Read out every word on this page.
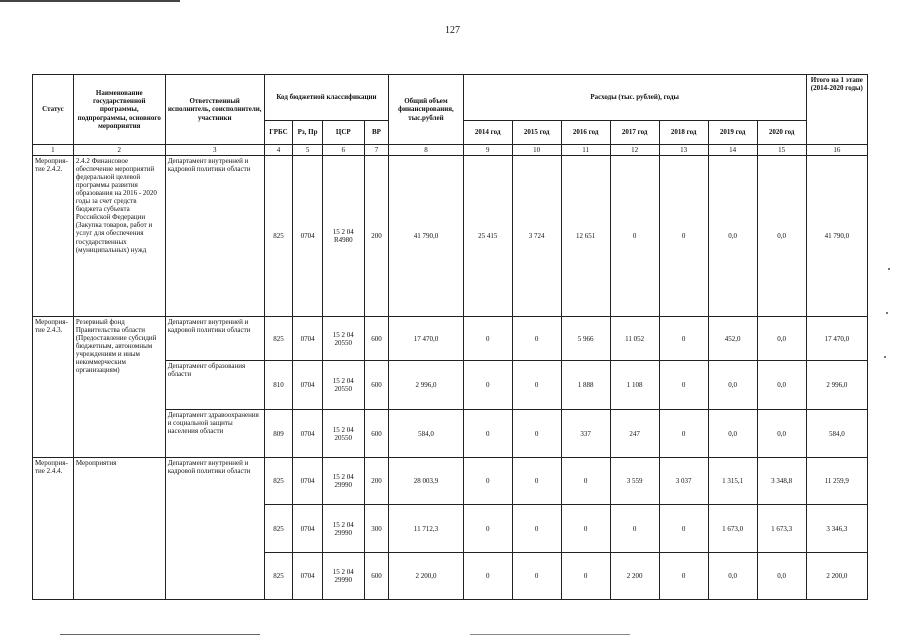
127
Статус	Наименование государственной программы, подпрограммы, основного мероприятия	Ответственный исполнитель, соисполнители, участники	Код бюджетной классификации				Общий объем финансирования, тыс.рублей	Расходы (тыс. рублей), годы							Итого на 1 этапе (2014-2020 годы)
			ГРБС	Рз, Пр	ЦСР	ВР		2014 год	2015 год	2016 год	2017 год	2018 год	2019 год	2020 год	
1	2	3	4	5	6	7	8	9	10	11	12	13	14	15	16
Мероприя-тие 2.4.2.	2.4.2 Финансовое обеспечение мероприятий федеральной целевой программы развития образования на 2016 - 2020 годы за счет средств бюджета субъекта Российской Федерации (Закупка товаров, работ и услуг для обеспечения государственных (муниципальных) нужд	Департамент внутренней и кадровой политики области	825	0704	15 2 04 R4980	200	41 790,0	25 415	3 724	12 651	0	0	0,0	0,0	41 790,0
Мероприя-тие 2.4.3.	Резервный фонд Правительства области (Предоставление субсидий бюджетным, автономным учреждениям и иным некоммерческим организациям)	Департамент внутренней и кадровой политики области	825	0704	15 2 04 20550	600	17 470,0	0	0	5 966	11 052	0	452,0	0,0	17 470,0
		Департамент образования области	810	0704	15 2 04 20550	600	2 996,0	0	0	1 888	1 108	0	0,0	0,0	2 996,0
		Департамент здравоохранения и социальной защиты населения области	809	0704	15 2 04 20550	600	584,0	0	0	337	247	0	0,0	0,0	584,0
Мероприя-тие 2.4.4.	Мероприятия	Департамент внутренней и кадровой политики области	825	0704	15 2 04 29990	200	28 003,9	0	0	0	3 559	3 037	1 315,1	3 348,8	11 259,9
			825	0704	15 2 04 29990	300	11 712,3	0	0	0	0	0	1 673,0	1 673,3	3 346,3
			825	0704	15 2 04 29990	600	2 200,0	0	0	0	2 200	0	0,0	0,0	2 200,0
